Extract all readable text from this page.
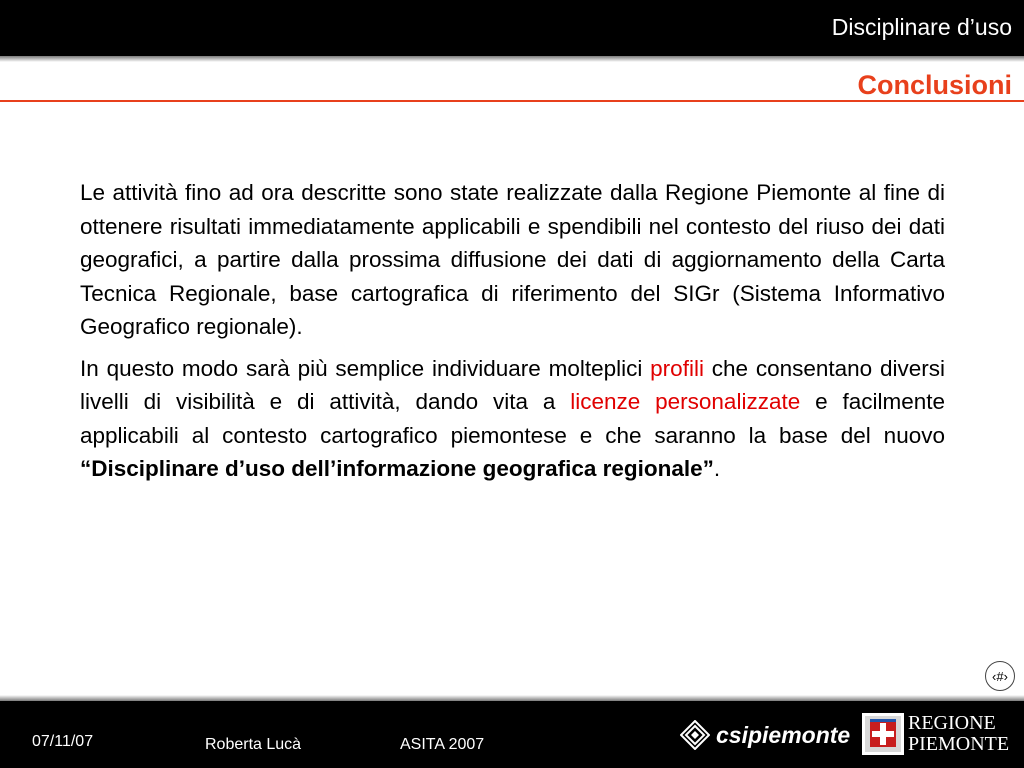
Disciplinare d’uso
Conclusioni

Le attività fino ad ora descritte sono state realizzate dalla Regione Piemonte al fine di ottenere risultati immediatamente applicabili e spendibili nel contesto del riuso dei dati geografici, a partire dalla prossima diffusione dei dati di aggiornamento della Carta Tecnica Regionale, base cartografica di riferimento del SIGr (Sistema Informativo Geografico regionale).

In questo modo sarà più semplice individuare molteplici profili che consentano diversi livelli di visibilità e di attività, dando vita a licenze personalizzate e facilmente applicabili al contesto cartografico piemontese e che saranno la base del nuovo “Disciplinare d’uso dell’informazione geografica regionale”.

‹#›
07/11/07	Roberta Lucà	ASITA 2007	csipiemonte	REGIONE
PIEMONTE
